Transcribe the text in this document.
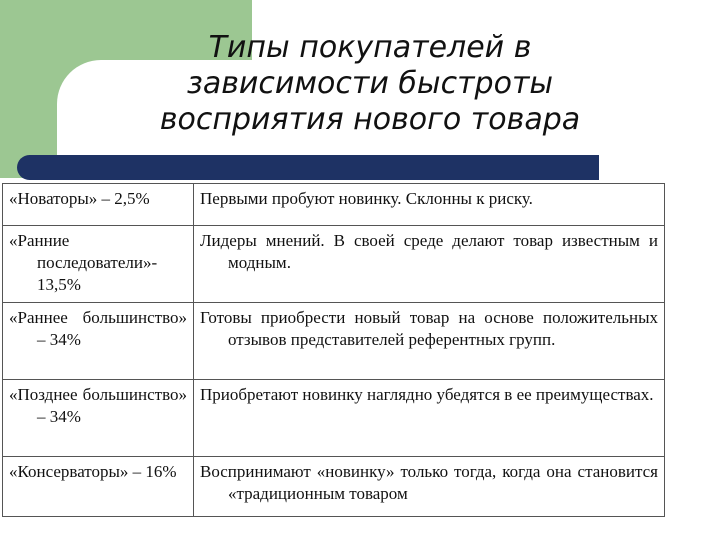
Типы покупателей в
зависимости быстроты
восприятия нового товара
«Новаторы» – 2,5%	Первыми пробуют новинку. Склонны к риску.

«Ранние последователи»- 13,5%	Лидеры мнений. В своей среде делают товар известным и модным.

«Раннее большинство» – 34%	Готовы приобрести новый товар на основе положительных отзывов представителей референтных групп.

«Позднее большинство» – 34%	Приобретают новинку наглядно убедятся в ее преимуществах.

«Консерваторы» – 16%	Воспринимают «новинку» только тогда, когда она становится «традиционным товаром
